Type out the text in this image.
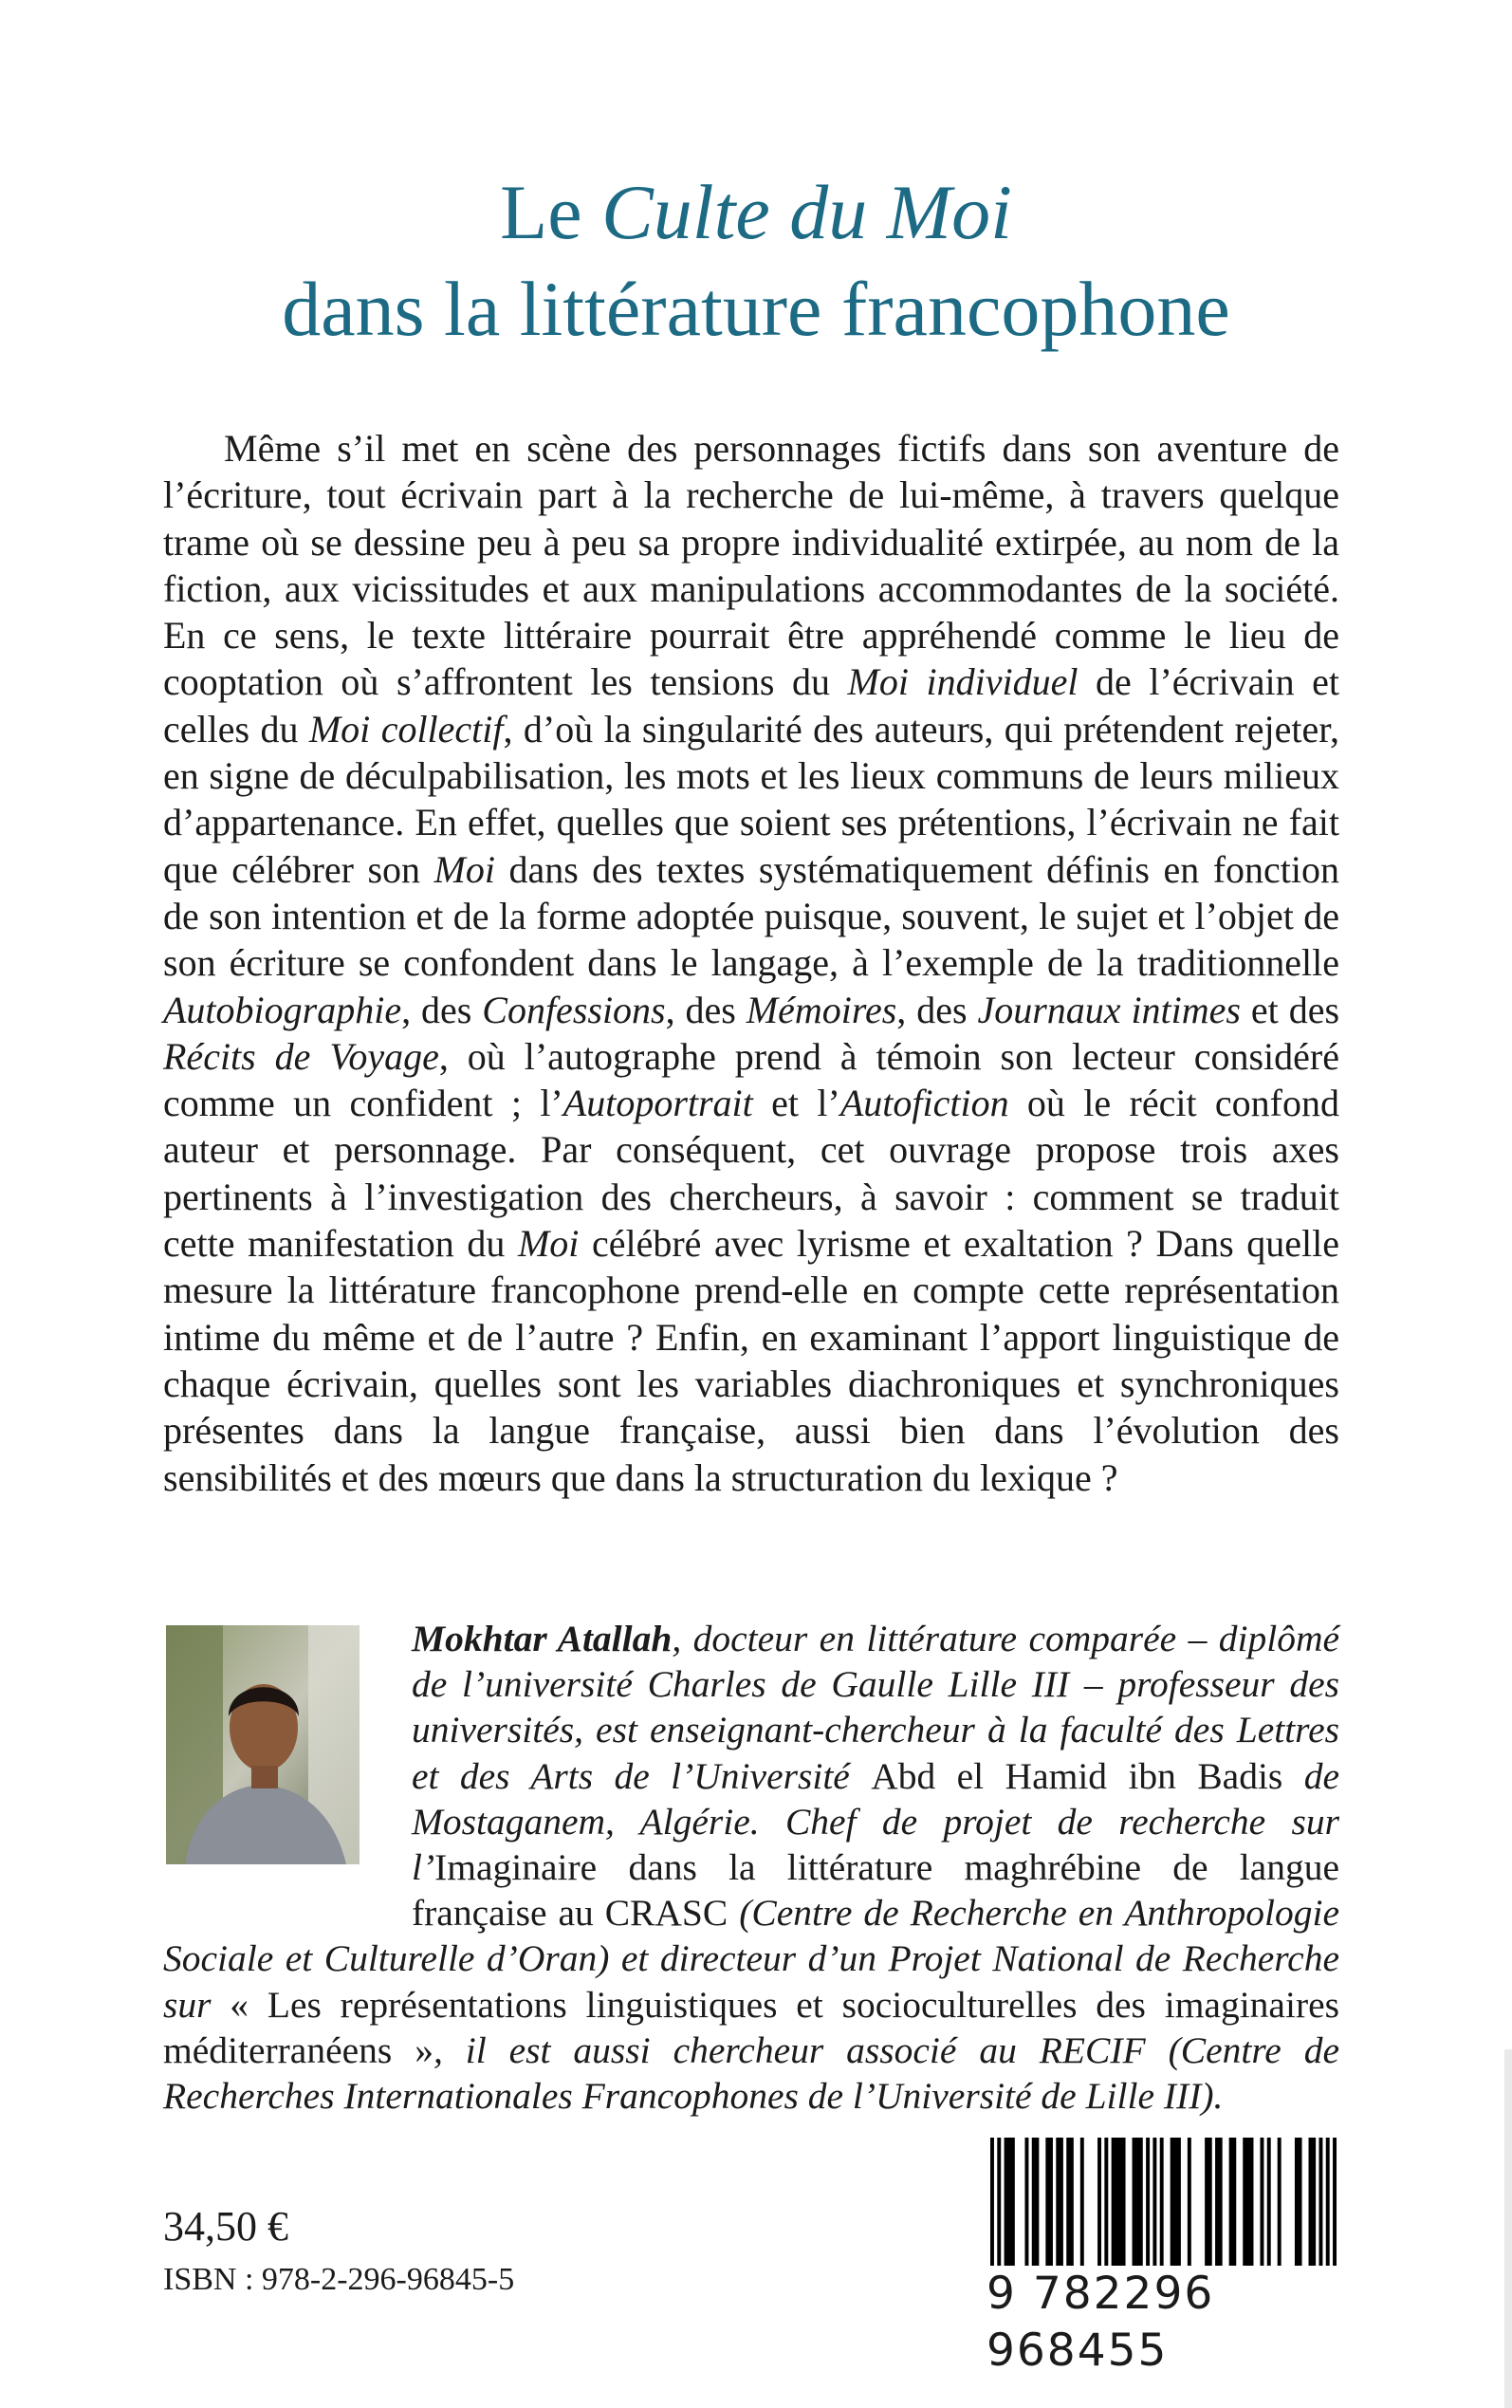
Le Culte du Moi
dans la littérature francophone

Même s’il met en scène des personnages fictifs dans son aventure de l’écriture, tout écrivain part à la recherche de lui-même, à travers quelque trame où se dessine peu à peu sa propre individualité extirpée, au nom de la fiction, aux vicissitudes et aux manipulations accommodantes de la société. En ce sens, le texte littéraire pourrait être appréhendé comme le lieu de cooptation où s’affrontent les tensions du Moi individuel de l’écrivain et celles du Moi collectif, d’où la singularité des auteurs, qui prétendent rejeter, en signe de déculpabilisation, les mots et les lieux communs de leurs milieux d’appartenance. En effet, quelles que soient ses prétentions, l’écrivain ne fait que célébrer son Moi dans des textes systématiquement définis en fonction de son intention et de la forme adoptée puisque, souvent, le sujet et l’objet de son écriture se confondent dans le langage, à l’exemple de la traditionnelle Autobiographie, des Confessions, des Mémoires, des Journaux intimes et des Récits de Voyage, où l’autographe prend à témoin son lecteur considéré comme un confident ; l’Autoportrait et l’Autofiction où le récit confond auteur et personnage. Par conséquent, cet ouvrage propose trois axes pertinents à l’investigation des chercheurs, à savoir : comment se traduit cette manifestation du Moi célébré avec lyrisme et exaltation ? Dans quelle mesure la littérature francophone prend-elle en compte cette représentation intime du même et de l’autre ? Enfin, en examinant l’apport linguistique de chaque écrivain, quelles sont les variables diachroniques et synchroniques présentes dans la langue française, aussi bien dans l’évolution des sensibilités et des mœurs que dans la structuration du lexique ?

Mokhtar Atallah, docteur en littérature comparée – diplômé de l’université Charles de Gaulle Lille III – professeur des universités, est enseignant-chercheur à la faculté des Lettres et des Arts de l’Université Abd el Hamid ibn Badis de Mostaganem, Algérie. Chef de projet de recherche sur l’Imaginaire dans la littérature maghrébine de langue française au CRASC (Centre de Recherche en Anthropologie Sociale et Culturelle d’Oran) et directeur d’un Projet National de Recherche sur « Les représentations linguistiques et socioculturelles des imaginaires méditerranéens », il est aussi chercheur associé au RECIF (Centre de Recherches Internationales Francophones de l’Université de Lille III).

34,50 €
ISBN : 978-2-296-96845-5	9 782296 968455
